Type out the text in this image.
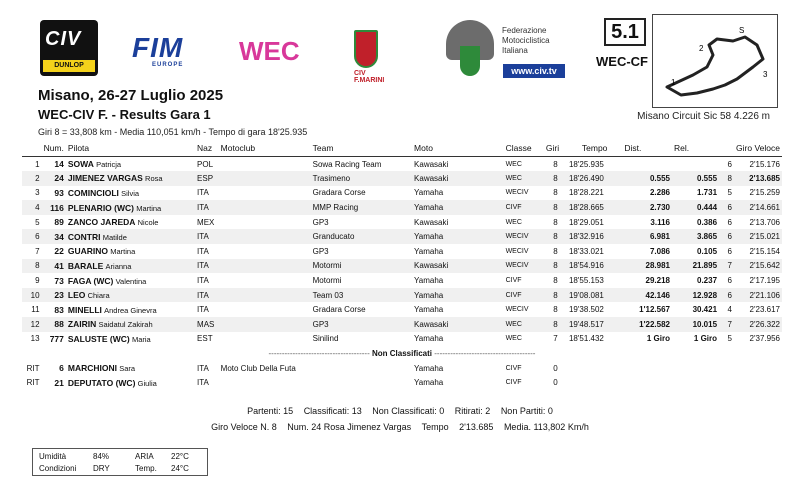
CIV
DUNLOP
FIM
EUROPE WEC
CIV F.MARINI
Federazione
Motociclistica
Italiana
www.civ.tv
5.1
WEC-CF
1
2
3
S
Misano Circuit Sic 58 4.226 m
Misano, 26-27 Luglio 2025
WEC-CIV F. - Results Gara 1
Giri 8 = 33,808 km - Media 110,051 km/h - Tempo di gara 18'25.935
	Num.	Pilota	Naz	Motoclub	Team	Moto	Classe	Giri	Tempo	Dist.	Rel.	Giro Veloce	
1	14	SOWA Patricja	POL		Sowa Racing Team	Kawasaki	WEC	8	18'25.935			6	2'15.176
2	24	JIMENEZ VARGAS Rosa	ESP		Trasimeno	Kawasaki	WEC	8	18'26.490	0.555	0.555	8	2'13.685
3	93	COMINCIOLI Silvia	ITA		Gradara Corse	Yamaha	WECIV	8	18'28.221	2.286	1.731	5	2'15.259
4	116	PLENARIO (WC) Martina	ITA		MMP Racing	Yamaha	CIVF	8	18'28.665	2.730	0.444	6	2'14.661
5	89	ZANCO JAREDA Nicole	MEX		GP3	Kawasaki	WEC	8	18'29.051	3.116	0.386	6	2'13.706
6	34	CONTRI Matilde	ITA		Granducato	Yamaha	WECIV	8	18'32.916	6.981	3.865	6	2'15.021
7	22	GUARINO Martina	ITA		GP3	Yamaha	WECIV	8	18'33.021	7.086	0.105	6	2'15.154
8	41	BARALE Arianna	ITA		Motormi	Kawasaki	WECIV	8	18'54.916	28.981	21.895	7	2'15.642
9	73	FAGA (WC) Valentina	ITA		Motormi	Yamaha	CIVF	8	18'55.153	29.218	0.237	6	2'17.195
10	23	LEO Chiara	ITA		Team 03	Yamaha	CIVF	8	19'08.081	42.146	12.928	6	2'21.106
11	83	MINELLI Andrea Ginevra	ITA		Gradara Corse	Yamaha	WECIV	8	19'38.502	1'12.567	30.421	4	2'23.617
12	88	ZAIRIN Saidatul Zakirah	MAS		GP3	Kawasaki	WEC	8	19'48.517	1'22.582	10.015	7	2'26.322
13	777	SALUSTE (WC) Maria	EST		Sinilind	Yamaha	WEC	7	18'51.432	1 Giro	1 Giro	5	2'37.956
-------------------------------------- Non Classificati --------------------------------------													
RIT	6	MARCHIONI Sara	ITA	Moto Club Della Futa		Yamaha	CIVF	0					
RIT	21	DEPUTATO (WC) Giulia	ITA			Yamaha	CIVF	0					
Partenti: 15 Classificati: 13 Non Classificati: 0 Ritirati: 2 Non Partiti: 0
Giro Veloce N. 8 Num. 24 Rosa Jimenez Vargas Tempo 2'13.685 Media. 113,802 Km/h
Umidità	84%	ARIA 22°C
Condizioni DRY	Temp. 24°C
